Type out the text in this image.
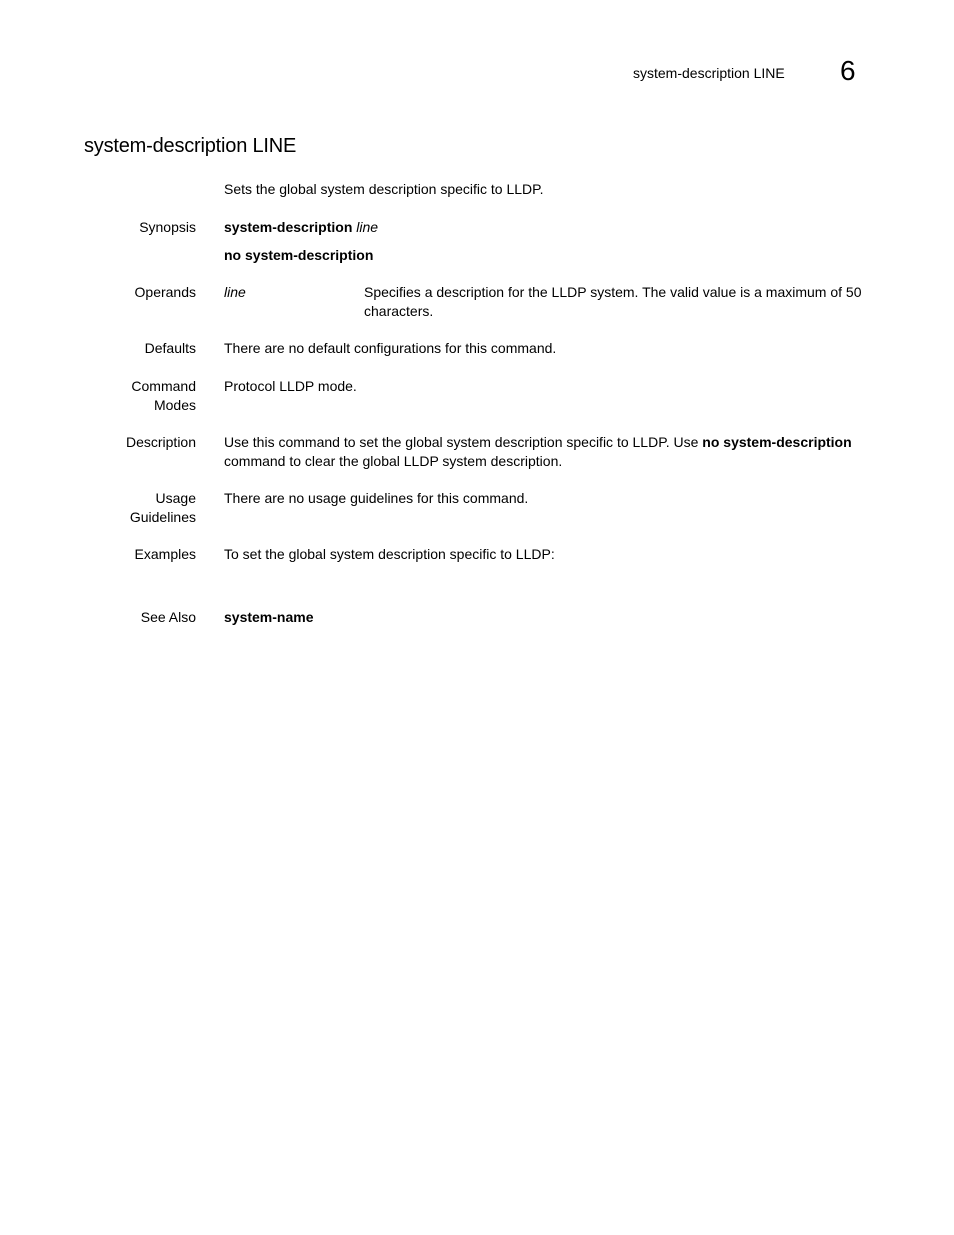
system-description LINE 6
system-description LINE
Sets the global system description specific to LLDP.
Synopsis system-description line
no system-description
Operands line	Specifies a description for the LLDP system. The valid value is a maximum of 50 characters.
Defaults There are no default configurations for this command.
Command
Modes
Protocol LLDP mode.
Description Use this command to set the global system description specific to LLDP. Use no system-description command to clear the global LLDP system description.
Usage
Guidelines
There are no usage guidelines for this command.
Examples To set the global system description specific to LLDP:
See Also system-name
